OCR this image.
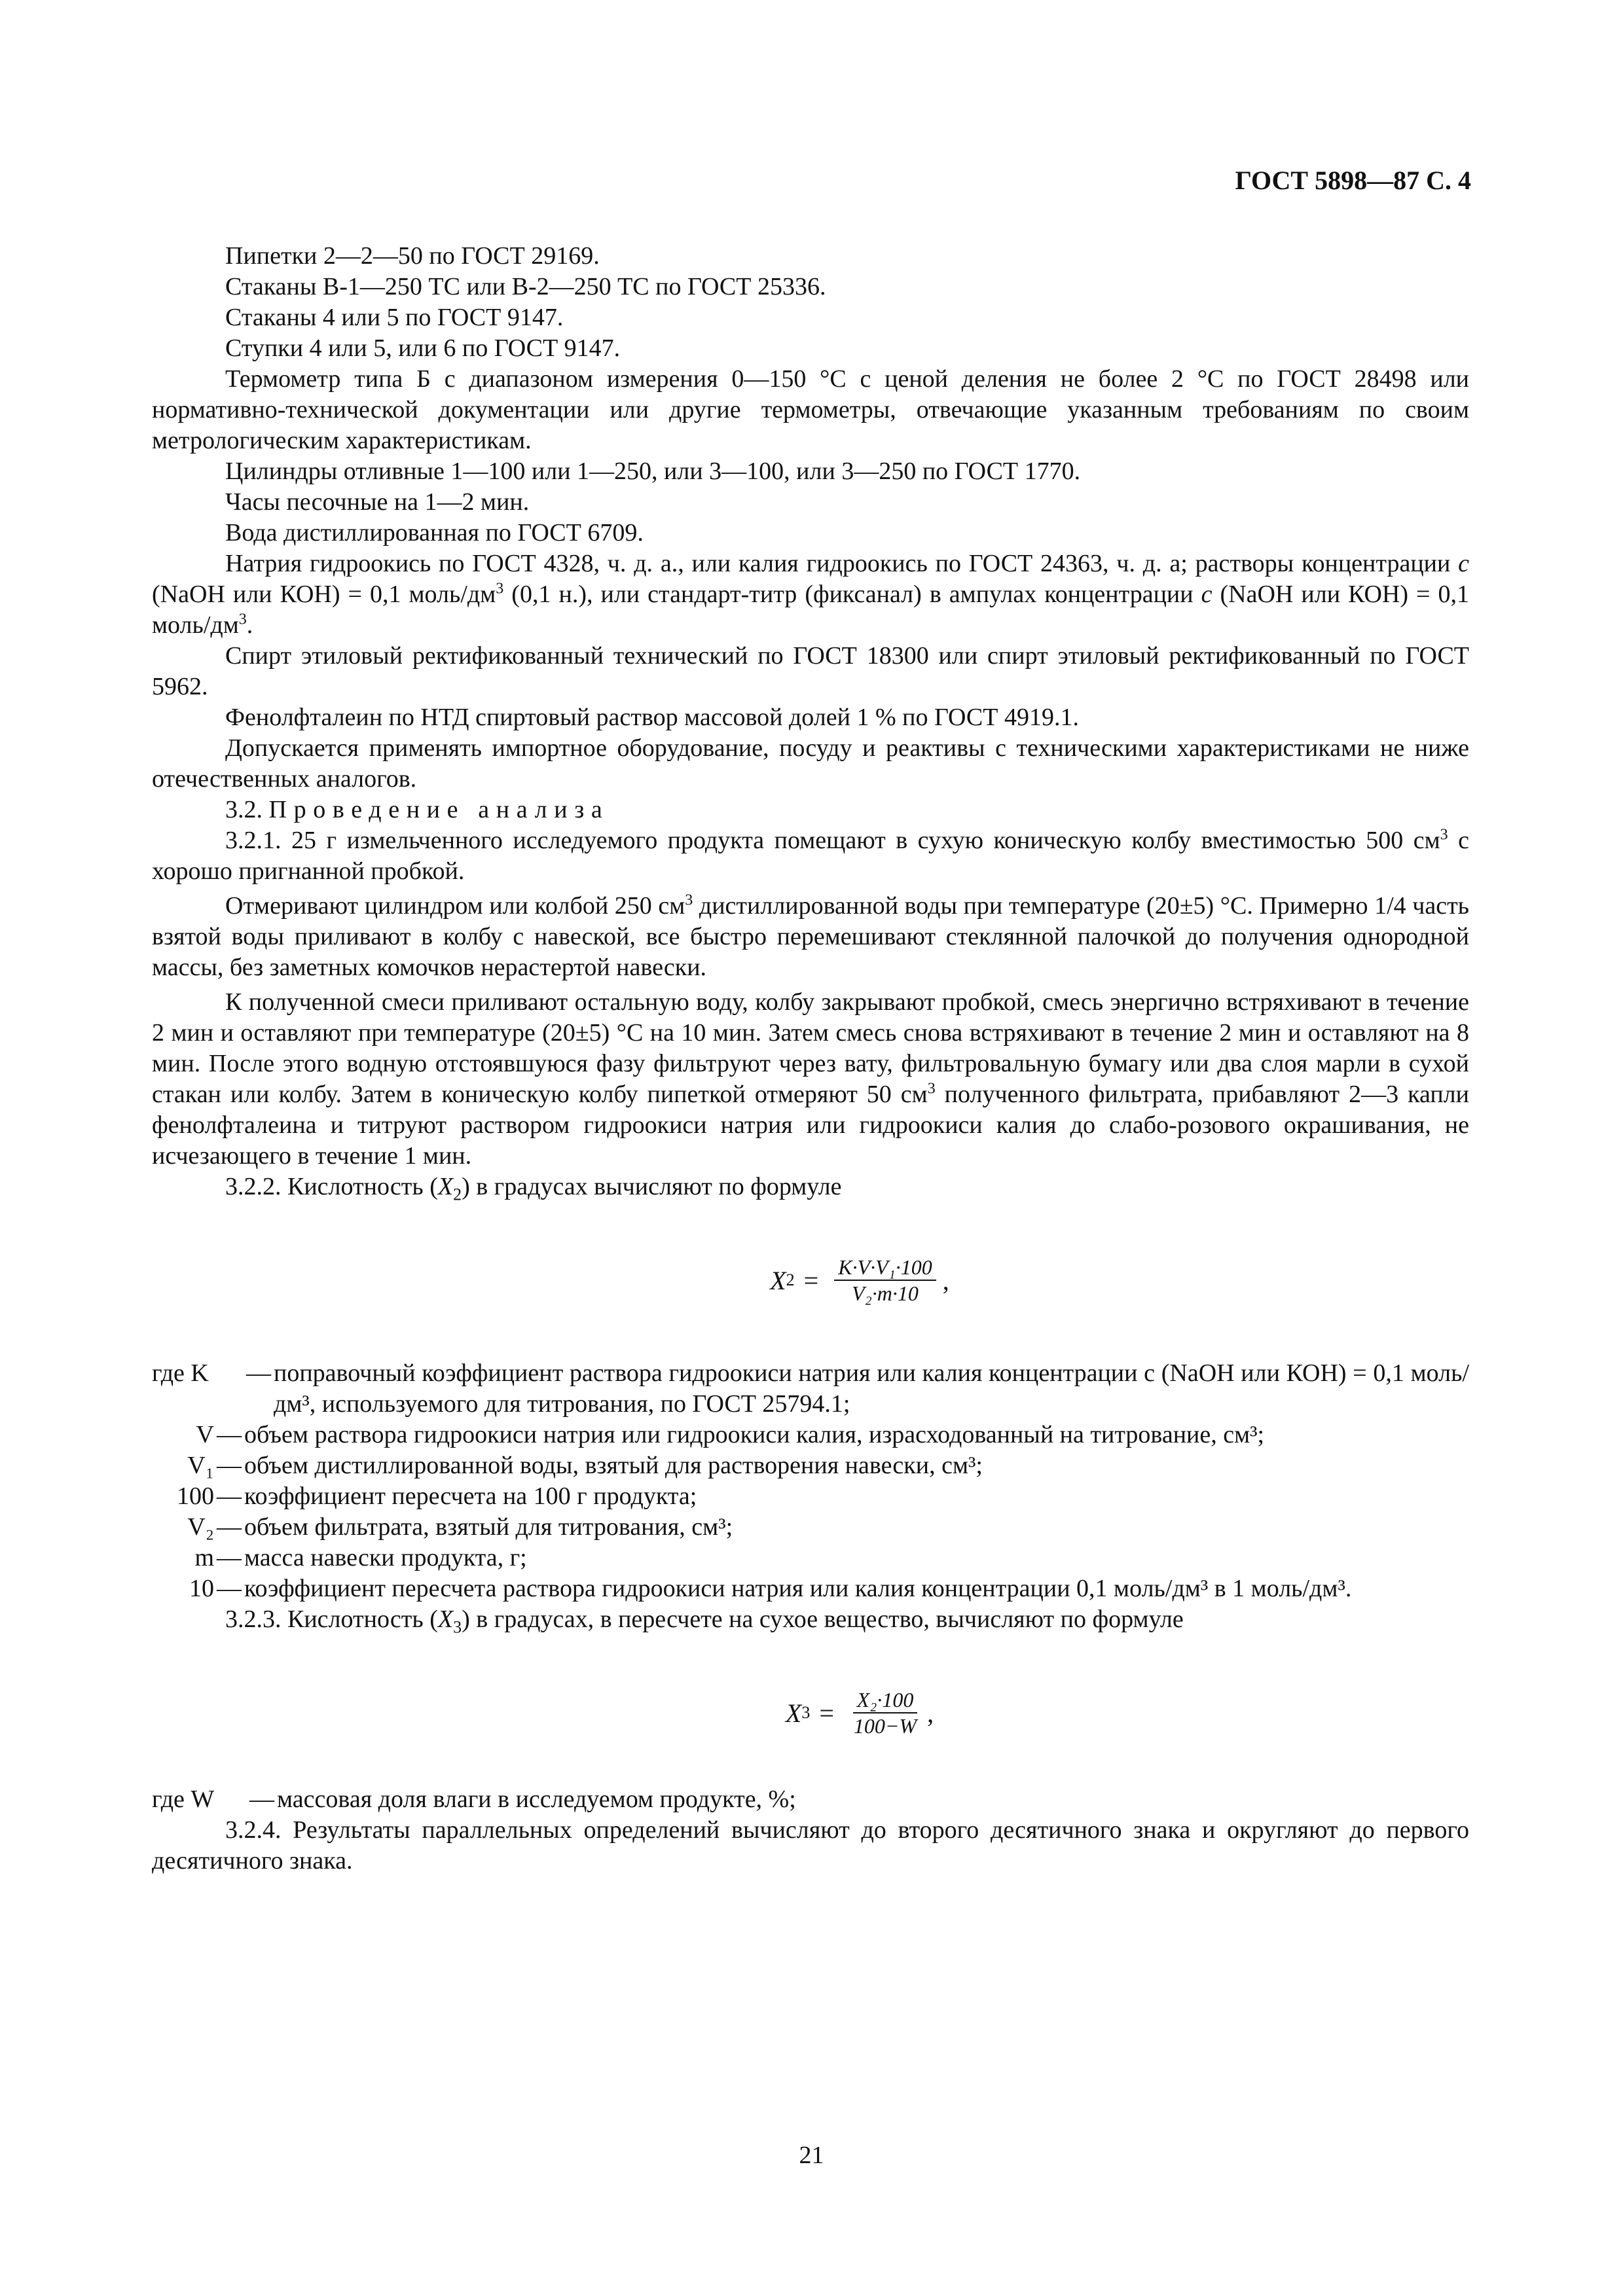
ГОСТ 5898—87 С. 4

Пипетки 2—2—50 по ГОСТ 29169.

Стаканы В-1—250 ТС или В-2—250 ТС по ГОСТ 25336.

Стаканы 4 или 5 по ГОСТ 9147.

Ступки 4 или 5, или 6 по ГОСТ 9147.

Термометр типа Б с диапазоном измерения 0—150 °С с ценой деления не более 2 °С по ГОСТ 28498 или нормативно-технической документации или другие термометры, отвечающие указанным требованиям по своим метрологическим характеристикам.

Цилиндры отливные 1—100 или 1—250, или 3—100, или 3—250 по ГОСТ 1770.

Часы песочные на 1—2 мин.

Вода дистиллированная по ГОСТ 6709.

Натрия гидроокись по ГОСТ 4328, ч. д. а., или калия гидроокись по ГОСТ 24363, ч. д. а; растворы концентрации c (NaOH или КОН) = 0,1 моль/$дм^3$ (0,1 н.), или стандарт-титр (фиксанал) в ампулах концентрации c (NaOH или КОН) = 0,1 моль/$дм^3$.

Спирт этиловый ректификованный технический по ГОСТ 18300 или спирт этиловый ректификованный по ГОСТ 5962.

Фенолфталеин по НТД спиртовый раствор массовой долей 1 % по ГОСТ 4919.1.

Допускается применять импортное оборудование, посуду и реактивы с техническими характеристиками не ниже отечественных аналогов.

3.2. Проведение анализа

3.2.1. 25 г измельченного исследуемого продукта помещают в сухую коническую колбу вместимостью 500 $см^3$ с хорошо пригнанной пробкой.

Отмеривают цилиндром или колбой 250 $см^3$ дистиллированной воды при температуре (20±5) °С. Примерно 1/4 часть взятой воды приливают в колбу с навеской, все быстро перемешивают стеклянной палочкой до получения однородной массы, без заметных комочков нерастертой навески.

К полученной смеси приливают остальную воду, колбу закрывают пробкой, смесь энергично встряхивают в течение 2 мин и оставляют при температуре (20±5) °С на 10 мин. Затем смесь снова встряхивают в течение 2 мин и оставляют на 8 мин. После этого водную отстоявшуюся фазу фильтруют через вату, фильтровальную бумагу или два слоя марли в сухой стакан или колбу. Затем в коническую колбу пипеткой отмеряют 50 $см^3$ полученного фильтрата, прибавляют 2—3 капли фенолфталеина и титруют раствором гидроокиси натрия или гидроокиси калия до слабо-розового окрашивания, не исчезающего в течение 1 мин.

3.2.2. Кислотность $(X_2)$ в градусах вычисляют по формуле

X $2 = \frac{\text{K·V·V₁·100}}{\text{V₂·m·10}}$ ,
где K	— поправочный коэффициент раствора гидроокиси натрия или калия концентрации c (NaOH или КОН) = 0,1 моль/дм³, используемого для титрования, по ГОСТ 25794.1;
V — объем раствора гидроокиси натрия или гидроокиси калия, израсходованный на титрование, см³;
V₁ — объем дистиллированной воды, взятый для растворения навески, см³;
100 — коэффициент пересчета на 100 г продукта;
V₂ — объем фильтрата, взятый для титрования, см³;
m — масса навески продукта, г;
10 — коэффициент пересчета раствора гидроокиси натрия или калия концентрации 0,1 моль/дм³ в 1 моль/дм³.

3.2.3. Кислотность $(X_3)$ в градусах, в пересчете на сухое вещество, вычисляют по формуле

X $3 = \frac{\text{X₂·100}}{100-W}$ ,
где W	— массовая доля влаги в исследуемом продукте, %;

3.2.4. Результаты параллельных определений вычисляют до второго десятичного знака и округляют до первого десятичного знака.

21
